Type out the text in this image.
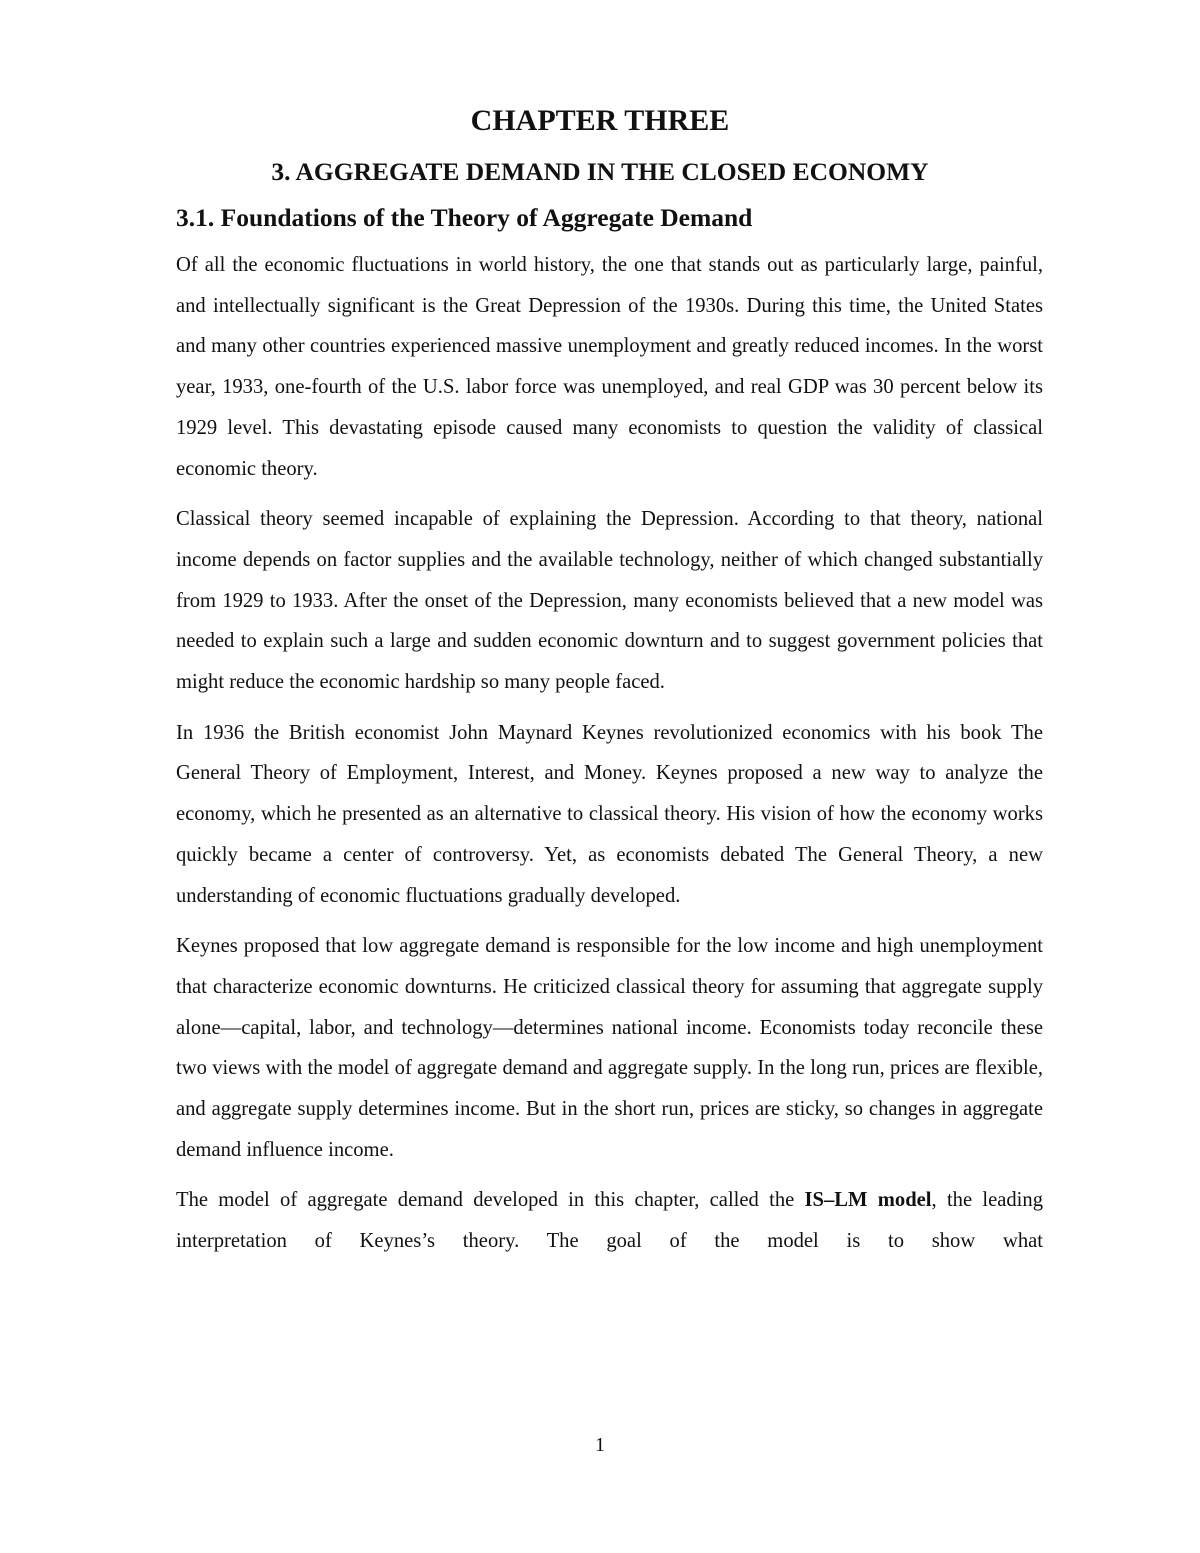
CHAPTER THREE
3. AGGREGATE DEMAND IN THE CLOSED ECONOMY
3.1. Foundations of the Theory of Aggregate Demand

Of all the economic fluctuations in world history, the one that stands out as particularly large, painful, and intellectually significant is the Great Depression of the 1930s. During this time, the United States and many other countries experienced massive unemployment and greatly reduced incomes. In the worst year, 1933, one-fourth of the U.S. labor force was unemployed, and real GDP was 30 percent below its 1929 level. This devastating episode caused many economists to question the validity of classical economic theory.

Classical theory seemed incapable of explaining the Depression. According to that theory, national income depends on factor supplies and the available technology, neither of which changed substantially from 1929 to 1933. After the onset of the Depression, many economists believed that a new model was needed to explain such a large and sudden economic downturn and to suggest government policies that might reduce the economic hardship so many people faced.

In 1936 the British economist John Maynard Keynes revolutionized economics with his book The General Theory of Employment, Interest, and Money. Keynes proposed a new way to analyze the economy, which he presented as an alternative to classical theory. His vision of how the economy works quickly became a center of controversy. Yet, as economists debated The General Theory, a new understanding of economic fluctuations gradually developed.

Keynes proposed that low aggregate demand is responsible for the low income and high unemployment that characterize economic downturns. He criticized classical theory for assuming that aggregate supply alone—capital, labor, and technology—determines national income. Economists today reconcile these two views with the model of aggregate demand and aggregate supply. In the long run, prices are flexible, and aggregate supply determines income. But in the short run, prices are sticky, so changes in aggregate demand influence income.

The model of aggregate demand developed in this chapter, called the IS–LM model, the leading interpretation of Keynes’s theory. The goal of the model is to show what

1
